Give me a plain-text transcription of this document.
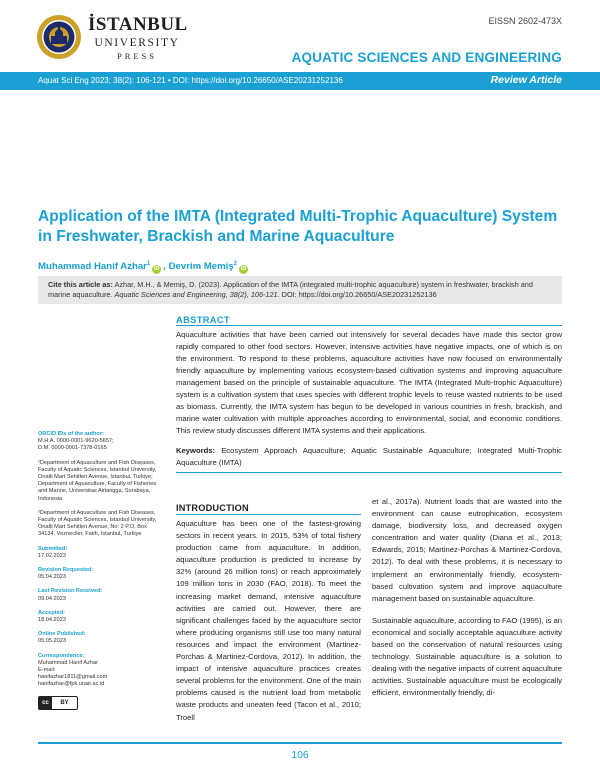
İSTANBUL
UNIVERSITY
PRESS
EISSN 2602-473X
AQUATIC SCIENCES AND ENGINEERING
Aquat Sci Eng 2023; 38(2): 106-121 • DOI: https://doi.org/10.26650/ASE20231252136	Review Article
Application of the IMTA (Integrated Multi-Trophic Aquaculture) System in Freshwater, Brackish and Marine Aquaculture
Muhammad Hanif Azhar$^1$iD , Devrim Memiş$^2$iD
Cite this article as: Azhar, M.H., & Memiş, D. (2023). Application of the IMTA (integrated multi-trophic aquaculture) system in freshwater, brackish and marine aquaculture. Aquatic Sciences and Engineering, 38(2), 106-121. DOI: https://doi.org/10.26650/ASE20231252136
ABSTRACT

Aquaculture activities that have been carried out intensively for several decades have made this sector grow rapidly compared to other food sectors. However, intensive activities have negative impacts, one of which is on the environment. To respond to these problems, aquaculture activities have now focused on environmentally friendly aquaculture by implementing various ecosystem-based cultivation systems and improving aquaculture management based on the principle of sustainable aquaculture. The IMTA (Integrated Multi-trophic Aquaculture) system is a cultivation system that uses species with different trophic levels to reuse wasted nutrients to be used as biomass. Currently, the IMTA system has begun to be developed in various countries in fresh, brackish, and marine water cultivation with multiple approaches according to environmental, social, and economic conditions. This review study discusses different IMTA systems and their applications.

Keywords: Ecosystem Approach Aquaculture; Aquatic Sustainable Aquaculture; Integrated Multi-Trophic Aquaculture (IMTA)

ORCID IDs of the author:
M.H.A. 0000-0001-9620-5657;
D.M. 0000-0001-7378-0165
¹Department of Aquaculture and Fish Diseases, Faculty of Aquatic Sciences, Istanbul University, Onalti Mart Sehitleri Avenue, Istanbul, Turkiye; Department of Aquaculture, Faculty of Fisheries and Marine, Universitas Airlangga, Surabaya, Indonesia
²Department of Aquaculture and Fish Diseases, Faculty of Aquatic Sciences, Istanbul University, Onalti Mart Sehitleri Avenue, No: 2 P.O. Box 34134, Vezneciler, Fatih, Istanbul, Turkiye
Submitted:
17.02.2023
Revision Requested:
05.04.2023
Last Revision Received:
09.04.2023
Accepted:
18.04.2023
Online Published:
05.05.2023
Correspondence:
Muhammad Hanif Azhar
E-mail:
hanifazhar1811@gmail.com
hanifazhar@fpk.unair.ac.id
cc	BY
INTRODUCTION

Aquaculture has been one of the fastest-growing sectors in recent years. In 2015, 53% of total fishery production came from aquaculture. In addition, aquaculture production is predicted to increase by 32% (around 26 million tons) or reach approximately 109 million tons in 2030 (FAO, 2018). To meet the increasing market demand, intensive aquaculture activities are carried out. However, there are significant challenges faced by the aquaculture sector where producing organisms still use too many natural resources and impact the environment (Martinez-Porchas & Martinez-Cordova, 2012). In addition, the impact of intensive aquaculture practices creates several problems for the environment. One of the main problems caused is the nutrient load from metabolic waste products and uneaten feed (Tacon et al., 2010; Troell

et al., 2017a). Nutrient loads that are wasted into the environment can cause eutrophication, ecosystem damage, biodiversity loss, and decreased oxygen concentration and water quality (Diana et al., 2013; Edwards, 2015; Martinez-Porchas & Martinez-Cordova, 2012). To deal with these problems, it is necessary to implement an environmentally friendly, ecosystem-based cultivation system and improve aquaculture management based on sustainable aquaculture.

Sustainable aquaculture, according to FAO (1995), is an economical and socially acceptable aquaculture activity based on the conservation of natural resources using technology. Sustainable aquaculture is a solution to dealing with the negative impacts of current aquaculture activities. Sustainable aquaculture must be ecologically efficient, environmentally friendly, di-

106
